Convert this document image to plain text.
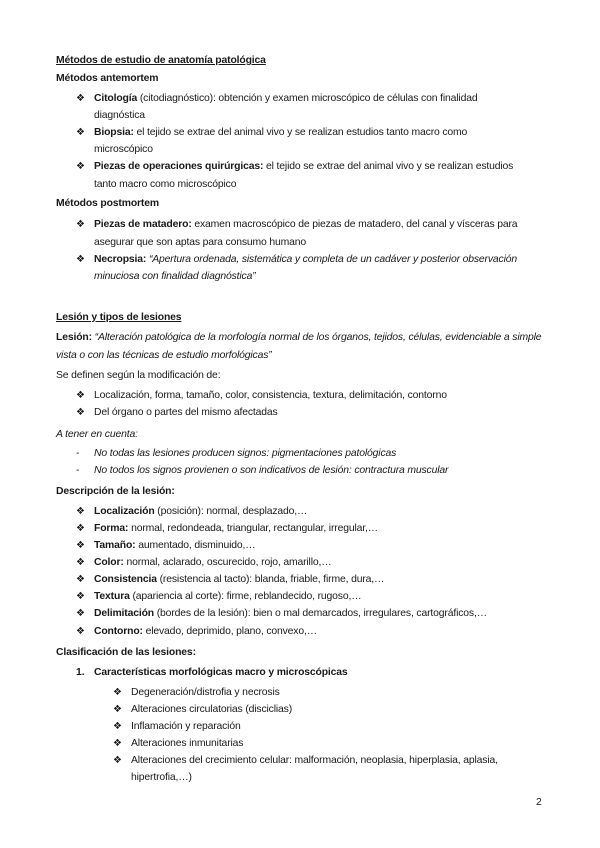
Métodos de estudio de anatomía patológica
Métodos antemortem
❖ Citología (citodiagnóstico): obtención y examen microscópico de células con finalidad
diagnóstica
❖ Biopsia: el tejido se extrae del animal vivo y se realizan estudios tanto macro como
microscópico
❖ Piezas de operaciones quirúrgicas: el tejido se extrae del animal vivo y se realizan estudios
tanto macro como microscópico
Métodos postmortem
❖ Piezas de matadero: examen macroscópico de piezas de matadero, del canal y vísceras para
asegurar que son aptas para consumo humano
❖ Necropsia: “Apertura ordenada, sistemática y completa de un cadáver y posterior observación
minuciosa con finalidad diagnóstica”
Lesión y tipos de lesiones
Lesión: “Alteración patológica de la morfología normal de los órganos, tejidos, células, evidenciable a simple
vista o con las técnicas de estudio morfológicas”
Se definen según la modificación de:
❖ Localización, forma, tamaño, color, consistencia, textura, delimitación, contorno
❖ Del órgano o partes del mismo afectadas
A tener en cuenta:
- No todas las lesiones producen signos: pigmentaciones patológicas
- No todos los signos provienen o son indicativos de lesión: contractura muscular
Descripción de la lesión:
❖ Localización (posición): normal, desplazado,…
❖ Forma: normal, redondeada, triangular, rectangular, irregular,…
❖ Tamaño: aumentado, disminuido,…
❖ Color: normal, aclarado, oscurecido, rojo, amarillo,…
❖ Consistencia (resistencia al tacto): blanda, friable, firme, dura,…
❖ Textura (apariencia al corte): firme, reblandecido, rugoso,…
❖ Delimitación (bordes de la lesión): bien o mal demarcados, irregulares, cartográficos,…
❖ Contorno: elevado, deprimido, plano, convexo,…
Clasificación de las lesiones:
1. Características morfológicas macro y microscópicas
❖ Degeneración/distrofia y necrosis
❖ Alteraciones circulatorias (disciclias)
❖ Inflamación y reparación
❖ Alteraciones inmunitarias
❖ Alteraciones del crecimiento celular: malformación, neoplasia, hiperplasia, aplasia,
hipertrofia,…)
2
